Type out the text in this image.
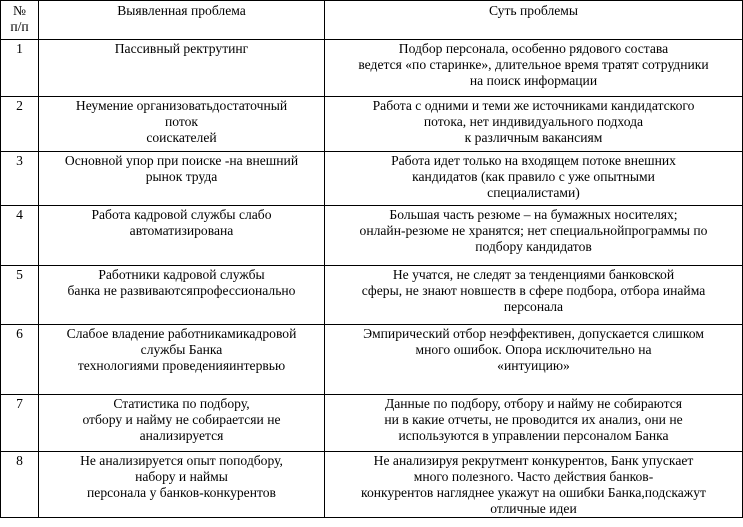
№
п/п	Выявленная проблема	Суть проблемы
1	Пассивный ректрутинг	Подбор персонала, особенно рядового состава
ведется «по старинке», длительное время тратят сотрудники
на поиск информации

2	Неумение организоватьдостаточный
поток
соискателей	Работа с одними и теми же источниками кандидатского
потока, нет индивидуального подхода
к различным вакансиям

3	Основной упор при поиске -на внешний
рынок труда	Работа идет только на входящем потоке внешних
кандидатов (как правило с уже опытными
специалистами)

4	Работа кадровой службы слабо
автоматизирована	Большая часть резюме – на бумажных носителях;
онлайн-резюме не хранятся; нет специальнойпрограммы по
подбору кандидатов

5	Работники кадровой службы
банка не развиваютсяпрофессионально	Не учатся, не следят за тенденциями банковской
сферы, не знают новшеств в сфере подбора, отбора инайма
персонала

6	Слабое владение работникамикадровой
службы Банка
технологиями проведенияинтервью	Эмпирический отбор неэффективен, допускается слишком
много ошибок. Опора исключительно на
«интуицию»

7	Статистика по подбору,
отбору и найму не собираетсяи не
анализируется	Данные по подбору, отбору и найму не собираются
ни в какие отчеты, не проводится их анализ, они не
используются в управлении персоналом Банка

8	Не анализируется опыт поподбору,
набору и наймы
персонала у банков-конкурентов	Не анализируя рекрутмент конкурентов, Банк упускает
много полезного. Часто действия банков-
конкурентов нагляднее укажут на ошибки Банка,подскажут
отличные идеи
